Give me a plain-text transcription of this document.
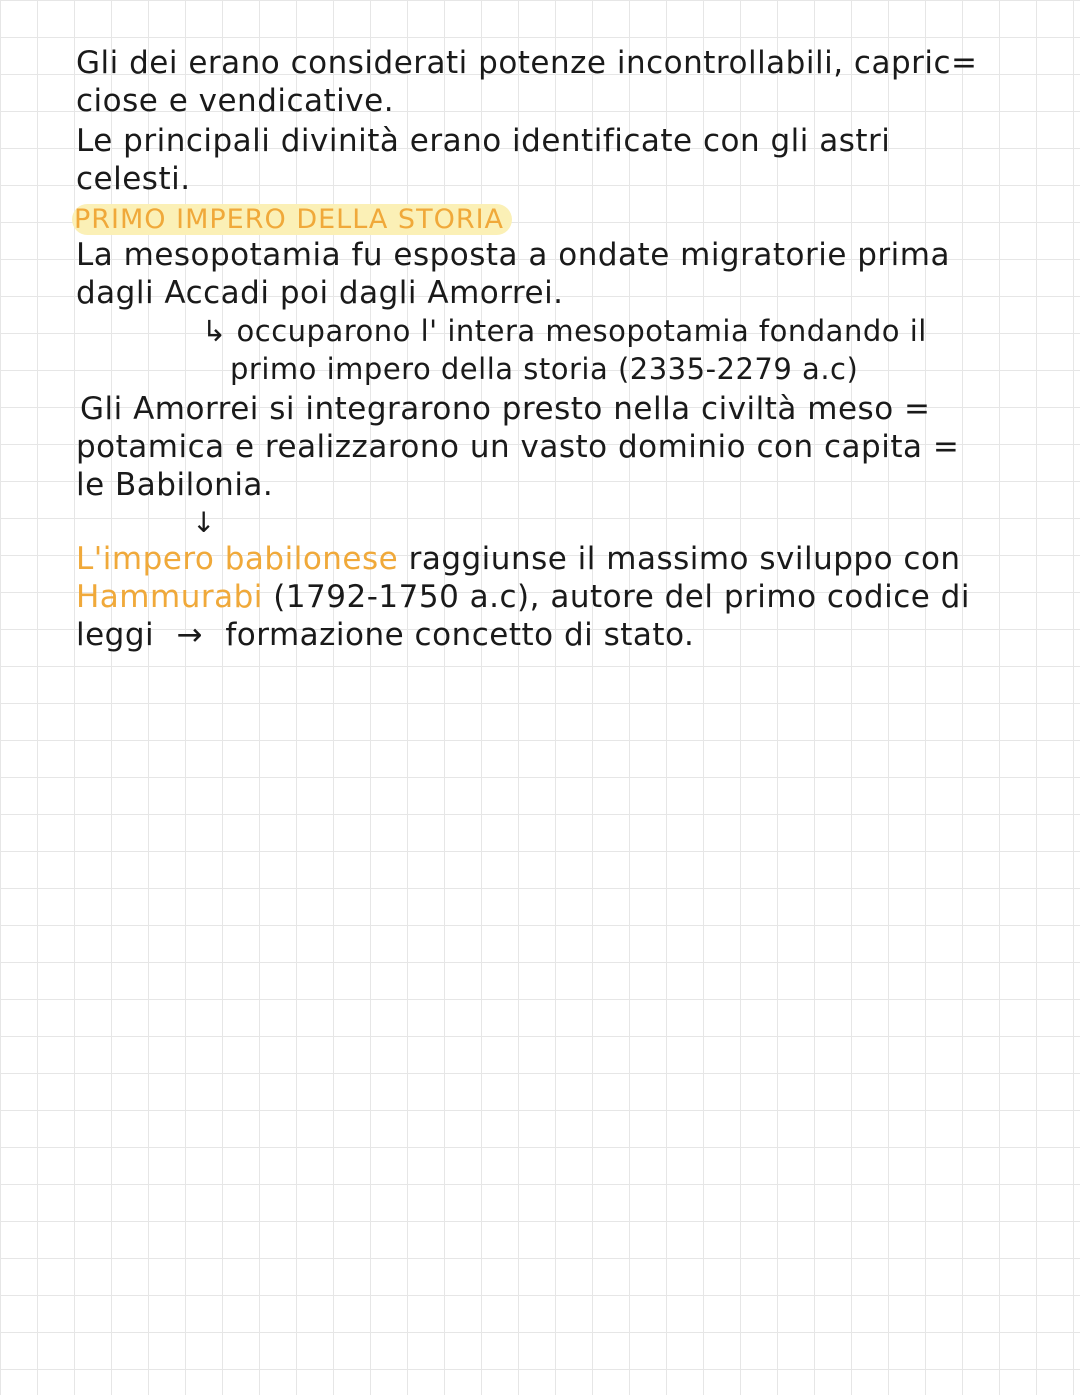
Gli dei erano considerati potenze incontrollabili, capric=
ciose e vendicative.
Le principali divinità erano identificate con gli astri
celesti.
PRIMO IMPERO DELLA STORIA
La mesopotamia fu esposta a ondate migratorie prima
dagli Accadi poi dagli Amorrei.
↳ occuparono l' intera mesopotamia fondando il
primo impero della storia (2335-2279 a.c)
Gli Amorrei si integrarono presto nella civiltà meso =
potamica e realizzarono un vasto dominio con capita =
le Babilonia.
↓
L'impero babilonese raggiunse il massimo sviluppo con
Hammurabi (1792-1750 a.c), autore del primo codice di
leggi → formazione concetto di stato.
